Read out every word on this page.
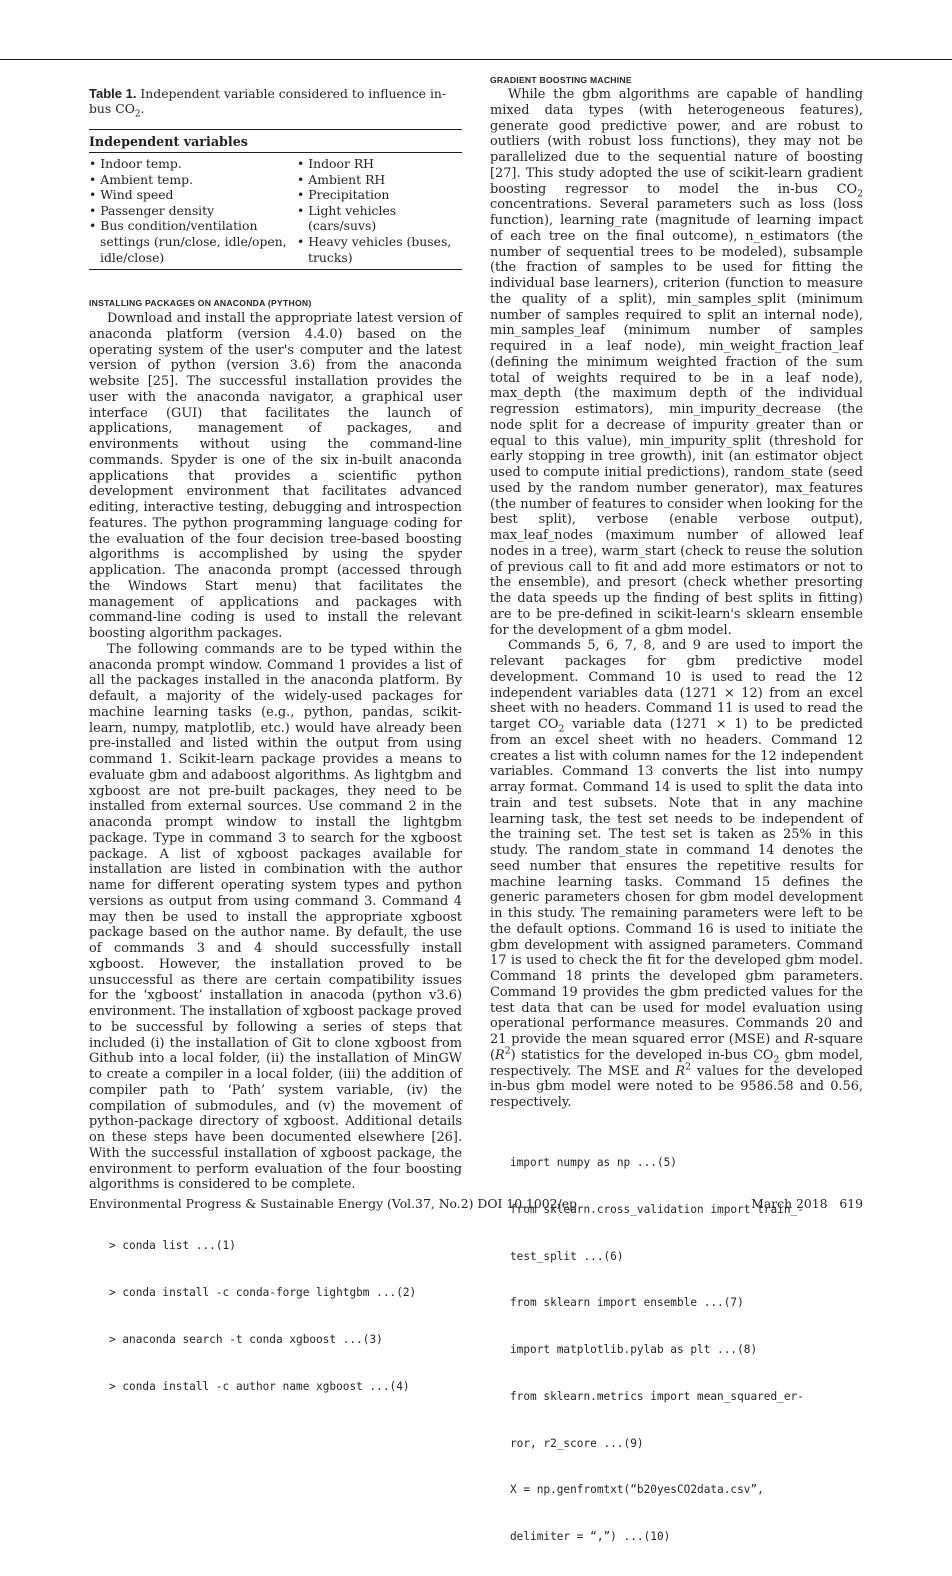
Table 1. Independent variable considered to influence in-bus $CO_2$.
Independent variables
• Indoor temp.
• Ambient temp.
• Wind speed
• Passenger density
• Bus condition/ventilation settings (run/close, idle/open, idle/close)
• Indoor RH
• Ambient RH
• Precipitation
• Light vehicles (cars/suvs)
• Heavy vehicles (buses, trucks)
INSTALLING PACKAGES ON ANACONDA (PYTHON)

Download and install the appropriate latest version of anaconda platform (version 4.4.0) based on the operating system of the user's computer and the latest version of python (version 3.6) from the anaconda website [25]. The successful installation provides the user with the anaconda navigator, a graphical user interface (GUI) that facilitates the launch of applications, management of packages, and environments without using the command-line commands. Spyder is one of the six in-built anaconda applications that provides a scientific python development environment that facilitates advanced editing, interactive testing, debugging and introspection features. The python programming language coding for the evaluation of the four decision tree-based boosting algorithms is accomplished by using the spyder application. The anaconda prompt (accessed through the Windows Start menu) that facilitates the management of applications and packages with command-line coding is used to install the relevant boosting algorithm packages.

The following commands are to be typed within the anaconda prompt window. Command 1 provides a list of all the packages installed in the anaconda platform. By default, a majority of the widely-used packages for machine learning tasks (e.g., python, pandas, scikit-learn, numpy, matplotlib, etc.) would have already been pre-installed and listed within the output from using command 1. Scikit-learn package provides a means to evaluate gbm and adaboost algorithms. As lightgbm and xgboost are not pre-built packages, they need to be installed from external sources. Use command 2 in the anaconda prompt window to install the lightgbm package. Type in command 3 to search for the xgboost package. A list of xgboost packages available for installation are listed in combination with the author name for different operating system types and python versions as output from using command 3. Command 4 may then be used to install the appropriate xgboost package based on the author name. By default, the use of commands 3 and 4 should successfully install xgboost. However, the installation proved to be unsuccessful as there are certain compatibility issues for the ‘xgboost’ installation in anacoda (python v3.6) environment. The installation of xgboost package proved to be successful by following a series of steps that included (i) the installation of Git to clone xgboost from Github into a local folder, (ii) the installation of MinGW to create a compiler in a local folder, (iii) the addition of compiler path to ‘Path’ system variable, (iv) the compilation of submodules, and (v) the movement of python-package directory of xgboost. Additional details on these steps have been documented elsewhere [26]. With the successful installation of xgboost package, the environment to perform evaluation of the four boosting algorithms is considered to be complete.

> conda list ...(1)

> conda install -c conda-forge lightgbm ...(2)

> anaconda search -t conda xgboost ...(3)

> conda install -c author name xgboost ...(4)

GRADIENT BOOSTING MACHINE

While the gbm algorithms are capable of handling mixed data types (with heterogeneous features), generate good predictive power, and are robust to outliers (with robust loss functions), they may not be parallelized due to the sequential nature of boosting [27]. This study adopted the use of scikit-learn gradient boosting regressor to model the in-bus $CO_2$ concentrations. Several parameters such as loss (loss function), learning_rate (magnitude of learning impact of each tree on the final outcome), n_estimators (the number of sequential trees to be modeled), subsample (the fraction of samples to be used for fitting the individual base learners), criterion (function to measure the quality of a split), min_samples_split (minimum number of samples required to split an internal node), min_samples_leaf (minimum number of samples required in a leaf node), min_weight_fraction_leaf (defining the minimum weighted fraction of the sum total of weights required to be in a leaf node), max_depth (the maximum depth of the individual regression estimators), min_impurity_decrease (the node split for a decrease of impurity greater than or equal to this value), min_impurity_split (threshold for early stopping in tree growth), init (an estimator object used to compute initial predictions), random_state (seed used by the random number generator), max_features (the number of features to consider when looking for the best split), verbose (enable verbose output), max_leaf_nodes (maximum number of allowed leaf nodes in a tree), warm_start (check to reuse the solution of previous call to fit and add more estimators or not to the ensemble), and presort (check whether presorting the data speeds up the finding of best splits in fitting) are to be pre-defined in scikit-learn's sklearn ensemble for the development of a gbm model.

Commands 5, 6, 7, 8, and 9 are used to import the relevant packages for gbm predictive model development. Command 10 is used to read the 12 independent variables data (1271 × 12) from an excel sheet with no headers. Command 11 is used to read the target $CO_2$ variable data (1271 × 1) to be predicted from an excel sheet with no headers. Command 12 creates a list with column names for the 12 independent variables. Command 13 converts the list into numpy array format. Command 14 is used to split the data into train and test subsets. Note that in any machine learning task, the test set needs to be independent of the training set. The test set is taken as 25% in this study. The random_state in command 14 denotes the seed number that ensures the repetitive results for machine learning tasks. Command 15 defines the generic parameters chosen for gbm model development in this study. The remaining parameters were left to be the default options. Command 16 is used to initiate the gbm development with assigned parameters. Command 17 is used to check the fit for the developed gbm model. Command 18 prints the developed gbm parameters. Command 19 provides the gbm predicted values for the test data that can be used for model evaluation using operational performance measures. Commands 20 and 21 provide the mean squared error (MSE) and R-square $(R^2)$ statistics for the developed in-bus $CO_2$ gbm model, respectively. The MSE and $R^2$ values for the developed in-bus gbm model were noted to be 9586.58 and 0.56, respectively.

import numpy as np ...(5)

from sklearn.cross_validation import train_-

test_split ...(6)

from sklearn import ensemble ...(7)

import matplotlib.pylab as plt ...(8)

from sklearn.metrics import mean_squared_er-

ror, r2_score ...(9)

X = np.genfromtxt(“b20yesCO2data.csv”,

delimiter = “,”) ...(10)

Environmental Progress & Sustainable Energy (Vol.37, No.2) DOI 10.1002/ep	March 2018   619
